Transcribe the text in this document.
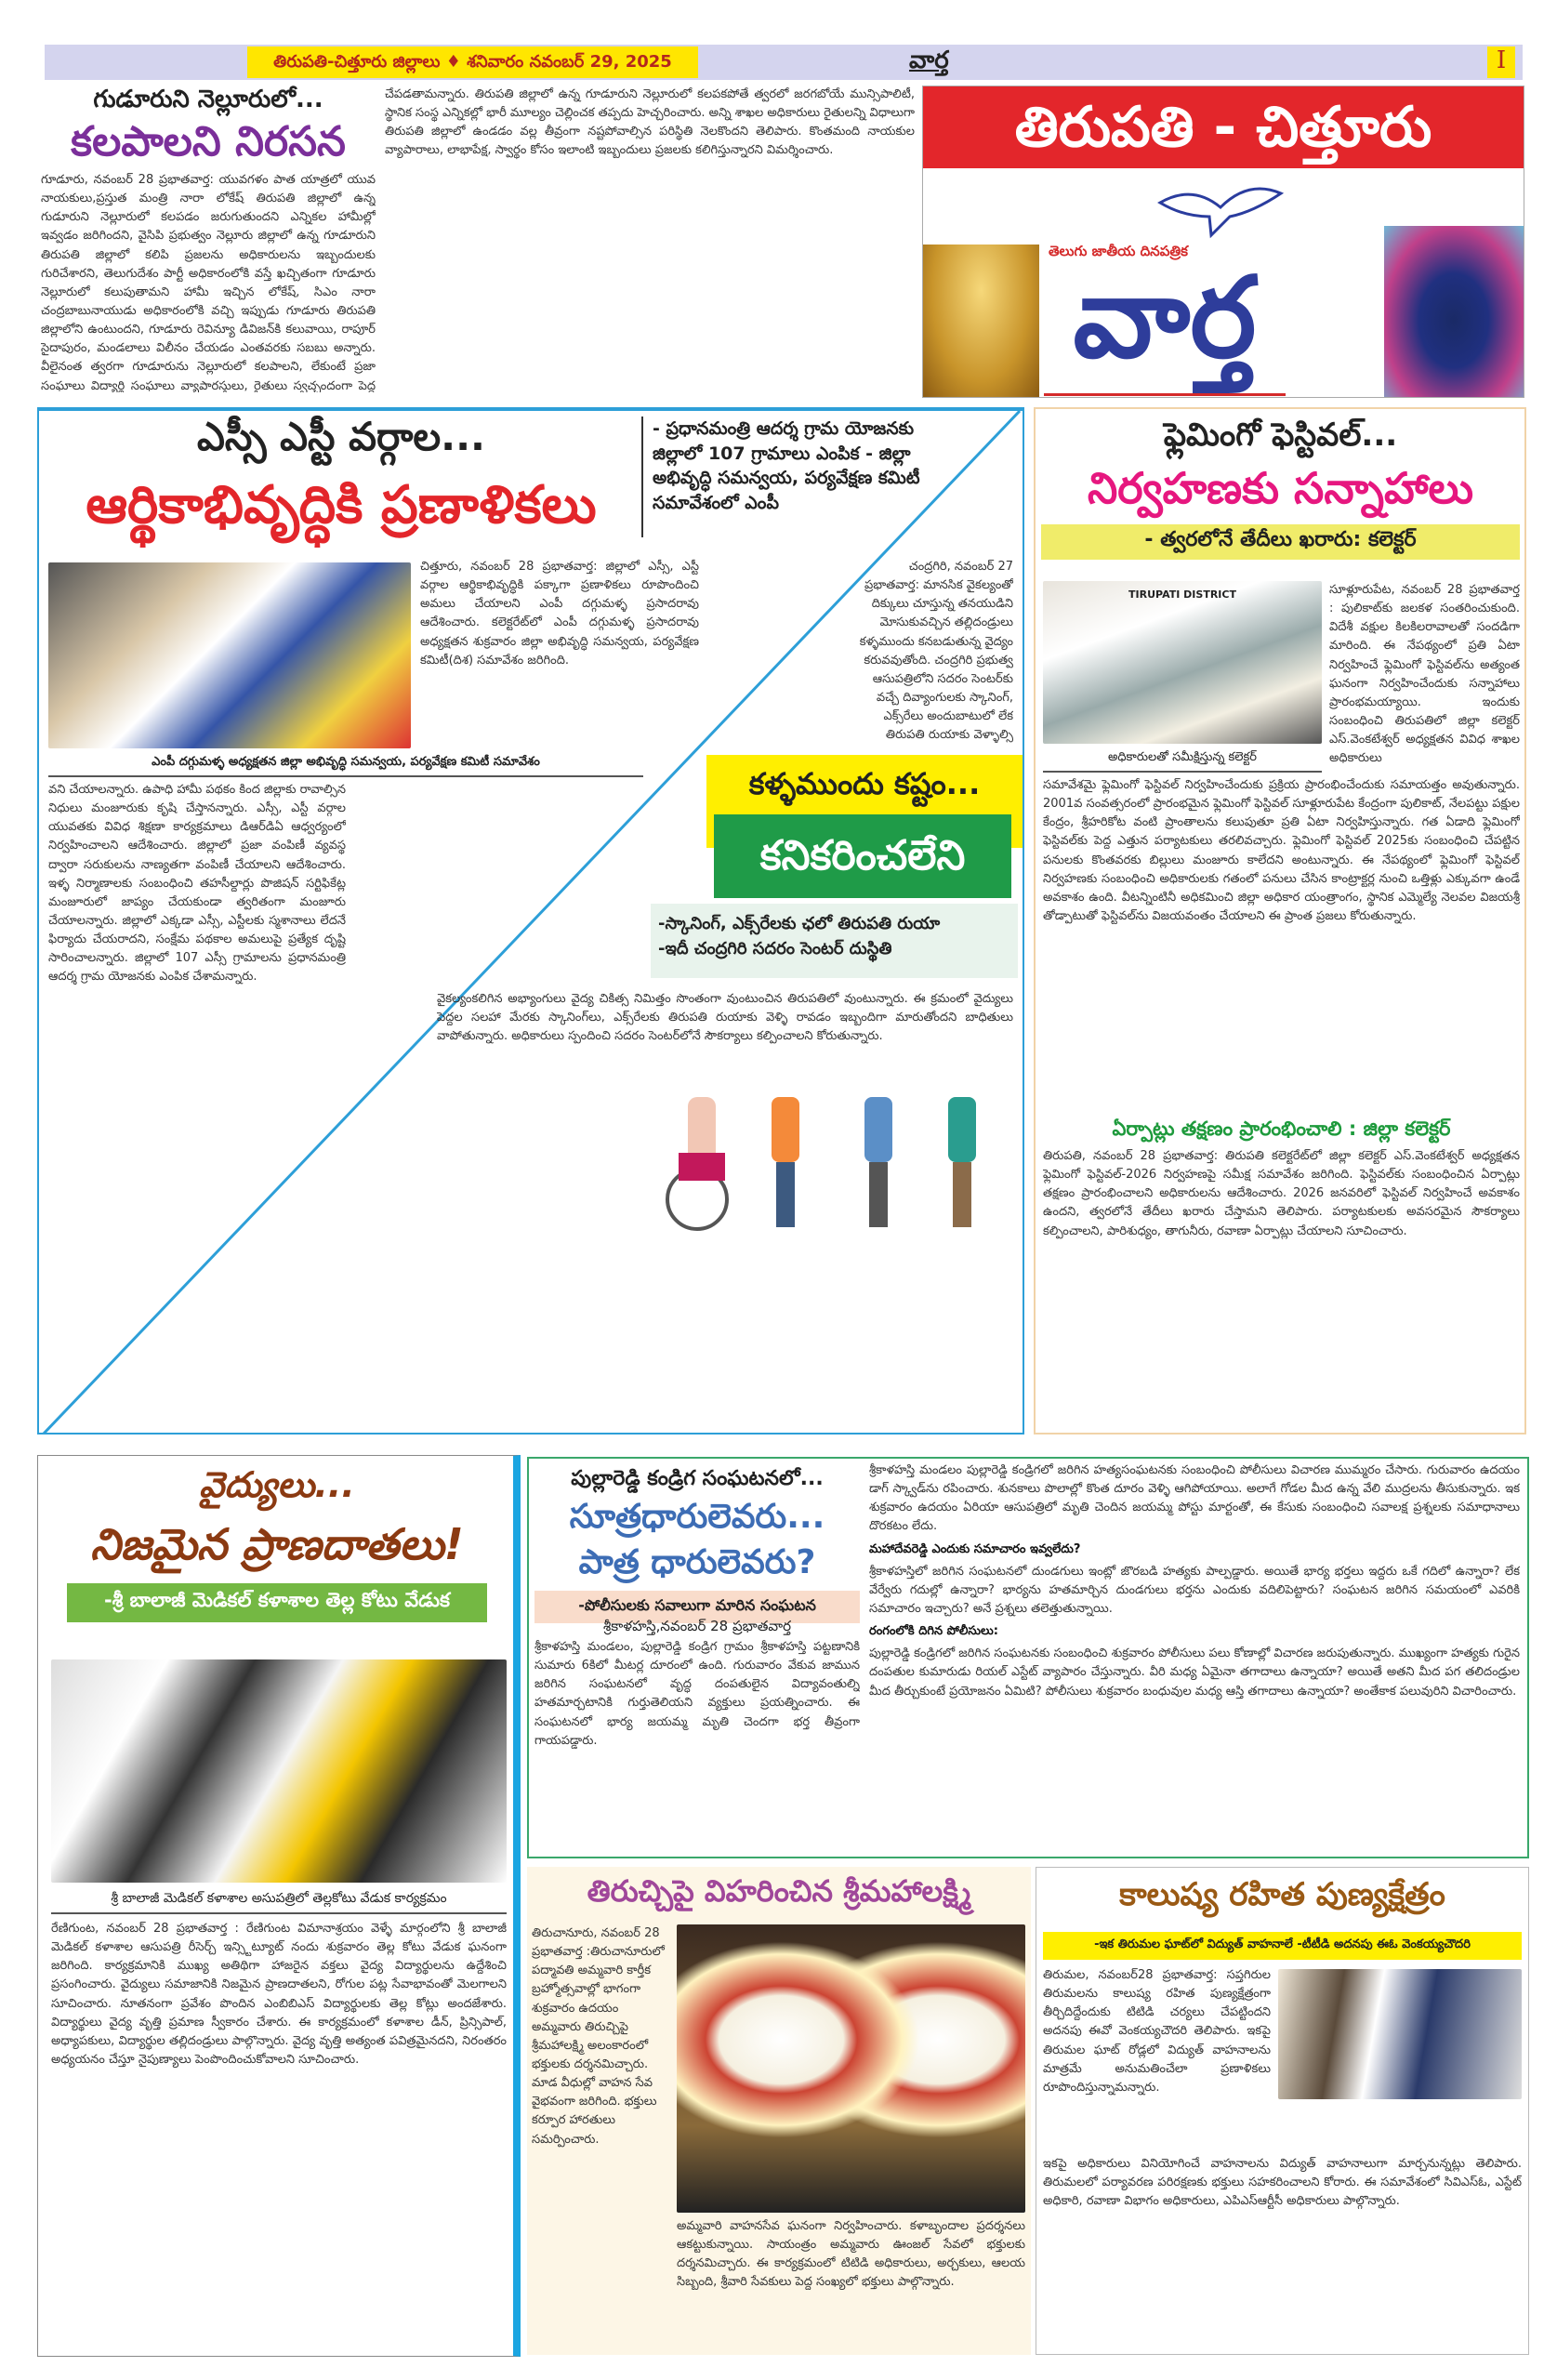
తిరుపతి-చిత్తూరు జిల్లాలు ♦ శనివారం నవంబర్ 29, 2025	వార్త	I
గుడూరుని నెల్లూరులో...
కలపాలని నిరసన

గూడూరు, నవంబర్ 28 ప్రభాతవార్త: యువగళం పాత యాత్రలో యువ నాయకులు,ప్రస్తుత మంత్రి నారా లోకేష్ తిరుపతి జిల్లాలో ఉన్న గుడూరుని నెల్లూరులో కలపడం జరుగుతుందని ఎన్నికల హామీల్లో ఇవ్వడం జరిగిందని, వైసిపి ప్రభుత్వం నెల్లూరు జిల్లాలో ఉన్న గూడూరుని తిరుపతి జిల్లాలో కలిపి ప్రజలను అధికారులను ఇబ్బందులకు గురిచేశారని, తెలుగుదేశం పార్టీ అధికారంలోకి వస్తే ఖచ్చితంగా గూడూరు నెల్లూరులో కలుపుతామని హామీ ఇచ్చిన లోకేష్, సిఎం నారా చంద్రబాబునాయుడు అధికారంలోకి వచ్చి ఇప్పుడు గూడూరు తిరుపతి జిల్లాలోని ఉంటుందని, గూడూరు రెవిన్యూ డివిజన్‌కి కలువాయి, రాపూర్ సైదాపురం, మండలాలు విలీనం చేయడం ఎంతవరకు సబబు అన్నారు. వీలైనంత త్వరగా గూడూరును నెల్లూరులో కలపాలని, లేకుంటే ప్రజా సంఘాలు విద్యార్థి సంఘాలు వ్యాపారస్తులు, రైతులు స్వచ్ఛందంగా పెద్ద

చేపడతామన్నారు. తిరుపతి జిల్లాలో ఉన్న గూడూరుని నెల్లూరులో కలపకపోతే త్వరలో జరగబోయే మున్సిపాలిటీ, స్థానిక సంస్థ ఎన్నికల్లో భారీ మూల్యం చెల్లించక తప్పదు హెచ్చరించారు. అన్ని శాఖల అధికారులు రైతులన్ని విధాలుగా తిరుపతి జిల్లాలో ఉండడం వల్ల తీవ్రంగా నష్టపోవాల్సిన పరిస్థితి నెలకొందని తెలిపారు. కొంతమంది నాయకుల వ్యాపారాలు, లాభాపేక్ష, స్వార్థం కోసం ఇలాంటి ఇబ్బందులు ప్రజలకు కలిగిస్తున్నారని విమర్శించారు.	తిరుపతి - చిత్తూరు
తెలుగు జాతీయ దినపత్రిక
వార్త
ఎస్సీ ఎస్టీ వర్గాల...
ఆర్థికాభివృద్ధికి ప్రణాళికలు
- ప్రధానమంత్రి ఆదర్శ గ్రామ యోజనకు జిల్లాలో 107 గ్రామాలు ఎంపిక - జిల్లా అభివృద్ధి సమన్వయ, పర్యవేక్షణ కమిటీ సమావేశంలో ఎంపీ
ఎంపీ దగ్గుమళ్ళ అధ్యక్షతన జిల్లా అభివృద్ధి సమన్వయ, పర్యవేక్షణ కమిటీ సమావేశం

చిత్తూరు, నవంబర్ 28 ప్రభాతవార్త: జిల్లాలో ఎస్సీ, ఎస్టీ వర్గాల ఆర్థికాభివృద్ధికి పక్కాగా ప్రణాళికలు రూపొందించి అమలు చేయాలని ఎంపీ దగ్గుమళ్ళ ప్రసాదరావు ఆదేశించారు. కలెక్టరేట్‌లో ఎంపీ దగ్గుమళ్ళ ప్రసాదరావు అధ్యక్షతన శుక్రవారం జిల్లా అభివృద్ధి సమన్వయ, పర్యవేక్షణ కమిటీ(దిశ) సమావేశం జరిగింది.

వని చేయాలన్నారు. ఉపాధి హామీ పథకం కింద జిల్లాకు రావాల్సిన నిధులు మంజూరుకు కృషి చేస్తానన్నారు. ఎస్సీ, ఎస్టీ వర్గాల యువతకు వివిధ శిక్షణా కార్యక్రమాలు డిఆర్‌డిఏ ఆధ్వర్యంలో నిర్వహించాలని ఆదేశించారు. జిల్లాలో ప్రజా వంపిణీ వ్యవస్థ ద్వారా సరుకులను నాణ్యతగా వంపిణీ చేయాలని ఆదేశించారు. ఇళ్ళ నిర్మాణాలకు సంబంధించి తహసీల్దార్లు పొజిషన్ సర్టిఫికేట్ల మంజూరులో జాప్యం చేయకుండా త్వరితంగా మంజూరు చేయాలన్నారు. జిల్లాలో ఎక్కడా ఎస్సీ, ఎస్టీలకు స్మశానాలు లేదనే ఫిర్యాదు చేయరాదని, సంక్షేమ పథకాల అమలుపై ప్రత్యేక దృష్టి సారించాలన్నారు. జిల్లాలో 107 ఎస్సీ గ్రామాలను ప్రధానమంత్రి ఆదర్శ గ్రామ యోజనకు ఎంపిక చేశామన్నారు.

చంద్రగిరి, నవంబర్ 27 ప్రభాతవార్త: మానసిక వైకల్యంతో దిక్కులు చూస్తున్న తనయుడిని మోసుకువచ్చిన తల్లిదండ్రులు కళ్ళముందు కనబడుతున్న వైద్యం కరువవుతోంది. చంద్రగిరి ప్రభుత్వ ఆసుపత్రిలోని సదరం సెంటర్‌కు వచ్చే దివ్యాంగులకు స్కానింగ్, ఎక్స్‌రేలు అందుబాటులో లేక తిరుపతి రుయాకు వెళ్ళాల్సి

కళ్ళముందు కష్టం...
కనికరించలేని
-స్కానింగ్, ఎక్స్‌రేలకు ఛలో తిరుపతి రుయా
-ఇదీ చంద్రగిరి సదరం సెంటర్ దుస్థితి

వైకల్యంకలిగిన అభ్యాంగులు వైద్య చికిత్స నిమిత్తం సొంతంగా వుంటుంచిన తిరుపతిలో వుంటున్నారు. ఈ క్రమంలో వైద్యులు పెద్దల సలహా మేరకు స్కానింగ్‌లు, ఎక్స్‌రేలకు తిరుపతి రుయాకు వెళ్ళి రావడం ఇబ్బందిగా మారుతోందని బాధితులు వాపోతున్నారు. అధికారులు స్పందించి సదరం సెంటర్‌లోనే సౌకర్యాలు కల్పించాలని కోరుతున్నారు.

ఫ్లెమింగో ఫెస్టివల్...
నిర్వహణకు సన్నాహాలు
- త్వరలోనే తేదీలు ఖరారు: కలెక్టర్
TIRUPATI DISTRICT
అధికారులతో సమీక్షిస్తున్న కలెక్టర్

సూళ్లూరుపేట, నవంబర్ 28 ప్రభాతవార్త : పులికాట్‌కు జలకళ సంతరించుకుంది. విదేశీ వక్షుల కిలకిలరావాలతో సందడిగా మారింది. ఈ నేపథ్యంలో ప్రతి ఏటా నిర్వహించే ఫ్లెమింగో ఫెస్టివల్‌ను అత్యంత ఘనంగా నిర్వహించేందుకు సన్నాహాలు ప్రారంభమయ్యాయి. ఇందుకు సంబంధించి తిరుపతిలో జిల్లా కలెక్టర్ ఎస్.వెంకటేశ్వర్ అధ్యక్షతన వివిధ శాఖల అధికారులు

సమావేశమై ఫ్లెమింగో ఫెస్టివల్ నిర్వహించేందుకు ప్రక్రియ ప్రారంభించేందుకు సమాయత్తం అవుతున్నారు. 2001వ సంవత్సరంలో ప్రారంభమైన ఫ్లెమింగో ఫెస్టివల్ సూళ్లూరుపేట కేంద్రంగా పులికాట్, నేలపట్టు పక్షుల కేంద్రం, శ్రీహరికోట వంటి ప్రాంతాలను కలుపుతూ ప్రతి ఏటా నిర్వహిస్తున్నారు. గత ఏడాది ఫ్లెమింగో ఫెస్టివల్‌కు పెద్ద ఎత్తున పర్యాటకులు తరలివచ్చారు. ఫ్లెమింగో ఫెస్టివల్ 2025కు సంబంధించి చేపట్టిన పనులకు కొంతవరకు బిల్లులు మంజూరు కాలేదని అంటున్నారు. ఈ నేపథ్యంలో ఫ్లెమింగో ఫెస్టివల్ నిర్వహణకు సంబంధించి అధికారులకు గతంలో పనులు చేసిన కాంట్రాక్టర్ల నుంచి ఒత్తిళ్లు ఎక్కువగా ఉండే అవకాశం ఉంది. వీటన్నింటినీ అధికమించి జిల్లా అధికార యంత్రాంగం, స్థానిక ఎమ్మెల్యే నెలవల విజయశ్రీ తోడ్పాటుతో ఫెస్టివల్‌ను విజయవంతం చేయాలని ఈ ప్రాంత ప్రజలు కోరుతున్నారు.

ఏర్పాట్లు తక్షణం ప్రారంభించాలి : జిల్లా కలెక్టర్

తిరుపతి, నవంబర్ 28 ప్రభాతవార్త: తిరుపతి కలెక్టరేట్‌లో జిల్లా కలెక్టర్ ఎస్.వెంకటేశ్వర్ అధ్యక్షతన ఫ్లెమింగో ఫెస్టివల్-2026 నిర్వహణపై సమీక్ష సమావేశం జరిగింది. ఫెస్టివల్‌కు సంబంధించిన ఏర్పాట్లు తక్షణం ప్రారంభించాలని అధికారులను ఆదేశించారు. 2026 జనవరిలో ఫెస్టివల్ నిర్వహించే అవకాశం ఉందని, త్వరలోనే తేదీలు ఖరారు చేస్తామని తెలిపారు. పర్యాటకులకు అవసరమైన సౌకర్యాలు కల్పించాలని, పారిశుధ్యం, తాగునీరు, రవాణా ఏర్పాట్లు చేయాలని సూచించారు.

వైద్యులు...
నిజమైన ప్రాణదాతలు!
-శ్రీ బాలాజీ మెడికల్ కళాశాల తెల్ల కోటు వేడుక
శ్రీ బాలాజీ మెడికల్ కళాశాల అసుపత్రిలో తెల్లకోటు వేడుక కార్యక్రమం

రేణిగుంట, నవంబర్ 28 ప్రభాతవార్త : రేణిగుంట విమానాశ్రయం వెళ్ళే మార్గంలోని శ్రీ బాలాజీ మెడికల్ కళాశాల ఆసుపత్రి రీసెర్చ్ ఇన్స్టిట్యూట్ నందు శుక్రవారం తెల్ల కోటు వేడుక ఘనంగా జరిగింది. కార్యక్రమానికి ముఖ్య అతిథిగా హాజరైన వక్తలు వైద్య విద్యార్థులను ఉద్దేశించి ప్రసంగించారు. వైద్యులు సమాజానికి నిజమైన ప్రాణదాతలని, రోగుల పట్ల సేవాభావంతో మెలగాలని సూచించారు. నూతనంగా ప్రవేశం పొందిన ఎంబిబిఎస్ విద్యార్థులకు తెల్ల కోట్లు అందజేశారు. విద్యార్థులు వైద్య వృత్తి ప్రమాణ స్వీకారం చేశారు. ఈ కార్యక్రమంలో కళాశాల డీన్, ప్రిన్సిపాల్, అధ్యాపకులు, విద్యార్థుల తల్లిదండ్రులు పాల్గొన్నారు. వైద్య వృత్తి అత్యంత పవిత్రమైనదని, నిరంతరం అధ్యయనం చేస్తూ నైపుణ్యాలు పెంపొందించుకోవాలని సూచించారు.

పుల్లారెడ్డి కండ్రిగ సంఘటనలో...
సూత్రధారులెవరు... పాత్ర ధారులెవరు?
-పోలీసులకు సవాలుగా మారిన సంఘటన
శ్రీకాళహస్తి,నవంబర్ 28 ప్రభాతవార్త

శ్రీకాళహస్తి మండలం, పుల్లారెడ్డి కండ్రిగ గ్రామం శ్రీకాళహస్తి పట్టణానికి సుమారు 6కిలో మీటర్ల దూరంలో ఉంది. గురువారం వేకువ జామున జరిగిన సంఘటనలో వృద్ధ దంపతులైన విద్యావంతుల్ని హతమార్చటానికి గుర్తుతెలియని వ్యక్తులు ప్రయత్నించారు. ఈ సంఘటనలో భార్య జయమ్మ మృతి చెందగా భర్త తీవ్రంగా గాయపడ్డారు.

శ్రీకాళహస్తి మండలం పుల్లారెడ్డి కండ్రిగలో జరిగిన హత్యసంఘటనకు సంబంధించి పోలీసులు విచారణ ముమ్మరం చేసారు. గురువారం ఉదయం డాగ్ స్క్వాడ్‌ను రపించారు. శునకాలు పొలాల్లో కొంత దూరం వెళ్ళి ఆగిపోయాయి. అలాగే గోడల మీద ఉన్న వేలి ముద్రలను తీసుకున్నారు. ఇక శుక్రవారం ఉదయం ఏరియా ఆసుపత్రిలో మృతి చెందిన జయమ్మ పోస్టు మార్టంతో, ఈ కేసుకు సంబంధించి సవాలక్ష ప్రశ్నలకు సమాధానాలు దొరకటం లేదు.

మహాదేవరెడ్డి ఎందుకు సమాచారం ఇవ్వలేదు?

శ్రీకాళహస్తిలో జరిగిన సంఘటనలో దుండగులు ఇంట్లో జొరబడి హత్యకు పాల్పడ్డారు. అయితే భార్య భర్తలు ఇద్దరు ఒకే గదిలో ఉన్నారా? లేక వేర్వేరు గదుల్లో ఉన్నారా? భార్యను హతమార్చిన దుండగులు భర్తను ఎందుకు వదిలిపెట్టారు? సంఘటన జరిగిన సమయంలో ఎవరికి సమాచారం ఇచ్చారు? అనే ప్రశ్నలు తలెత్తుతున్నాయి.

రంగంలోకి దిగిన పోలీసులు:

పుల్లారెడ్డి కండ్రిగలో జరిగిన సంఘటనకు సంబంధించి శుక్రవారం పోలీసులు పలు కోణాల్లో విచారణ జరుపుతున్నారు. ముఖ్యంగా హత్యకు గురైన దంపతుల కుమారుడు రియల్ ఎస్టేట్ వ్యాపారం చేస్తున్నారు. వీరి మధ్య ఏమైనా తగాదాలు ఉన్నాయా? అయితే అతని మీద పగ తలిదండ్రుల మీద తీర్చుకుంటే ప్రయోజనం ఏమిటి? పోలీసులు శుక్రవారం బంధువుల మధ్య ఆస్తి తగాదాలు ఉన్నాయా? అంతేకాక పలువురిని విచారించారు.

తిరుచ్చిపై విహరించిన శ్రీమహాలక్ష్మి

తిరుచానూరు, నవంబర్ 28 ప్రభాతవార్త :తిరుచానూరులో పద్మావతి అమ్మవారి కార్తీక బ్రహ్మోత్సవాల్లో భాగంగా శుక్రవారం ఉదయం అమ్మవారు తిరుచ్చిపై శ్రీమహాలక్ష్మి అలంకారంలో భక్తులకు దర్శనమిచ్చారు. మాడ వీధుల్లో వాహన సేవ వైభవంగా జరిగింది. భక్తులు కర్పూర హారతులు సమర్పించారు.

అమ్మవారి వాహనసేవ ఘనంగా నిర్వహించారు. కళాబృందాల ప్రదర్శనలు ఆకట్టుకున్నాయి. సాయంత్రం అమ్మవారు ఊంజల్ సేవలో భక్తులకు దర్శనమిచ్చారు. ఈ కార్యక్రమంలో టిటిడి అధికారులు, అర్చకులు, ఆలయ సిబ్బంది, శ్రీవారి సేవకులు పెద్ద సంఖ్యలో భక్తులు పాల్గొన్నారు.

కాలుష్య రహిత పుణ్యక్షేత్రం
-ఇక తిరుమల ఘాట్‌లో విద్యుత్ వాహనాలే -టీటీడి అదనపు ఈఓ వెంకయ్యచౌదరి

తిరుమల, నవంబర్28 ప్రభాతవార్త: సప్తగిరుల తిరుమలను కాలుష్య రహిత పుణ్యక్షేత్రంగా తీర్చిదిద్దేందుకు టిటిడి చర్యలు చేపట్టిందని అదనపు ఈవో వెంకయ్యచౌదరి తెలిపారు. ఇకపై తిరుమల ఘాట్ రోడ్లలో విద్యుత్ వాహనాలను మాత్రమే అనుమతించేలా ప్రణాళికలు రూపొందిస్తున్నామన్నారు.

ఇకపై అధికారులు వినియోగించే వాహనాలను విద్యుత్ వాహనాలుగా మార్చనున్నట్లు తెలిపారు. తిరుమలలో పర్యావరణ పరిరక్షణకు భక్తులు సహకరించాలని కోరారు. ఈ సమావేశంలో సివిఎస్‌ఓ, ఎస్టేట్ అధికారి, రవాణా విభాగం అధికారులు, ఎపిఎస్ఆర్టీసీ అధికారులు పాల్గొన్నారు.
